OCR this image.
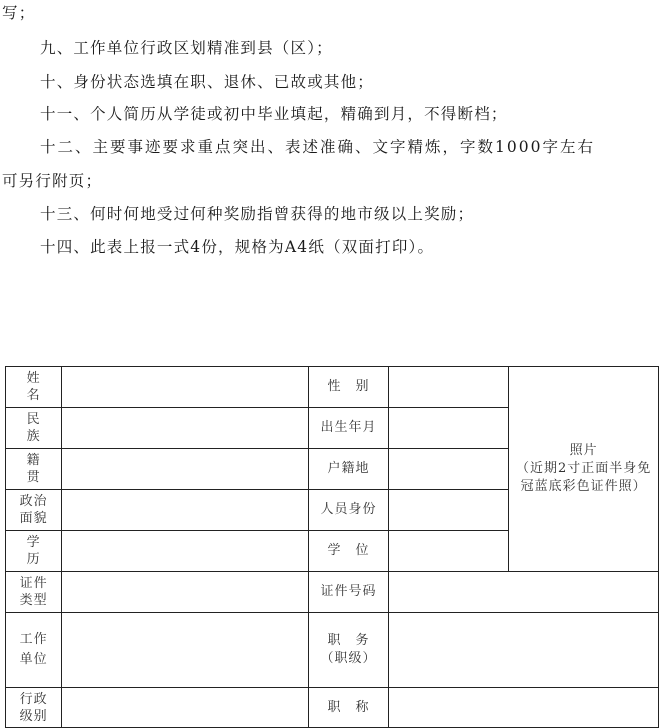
写；
九、工作单位行政区划精准到县（区）；
十、身份状态选填在职、退休、已故或其他；
十一、个人简历从学徒或初中毕业填起，精确到月，不得断档；
十二、主要事迹要求重点突出、表述准确、文字精炼，字数1000字左右
可另行附页；
十三、何时何地受过何种奖励指曾获得的地市级以上奖励；
十四、此表上报一式4份，规格为A4纸（双面打印）。
姓名		性　别		照片
（近期2寸正面半身免冠蓝底彩色证件照）

民族		出生年月		

籍贯		户籍地		

政治面貌		人员身份		

学历		学　位		

证件类型		证件号码		

工作单位		职　务
（职级）		

行政级别		职　称		
